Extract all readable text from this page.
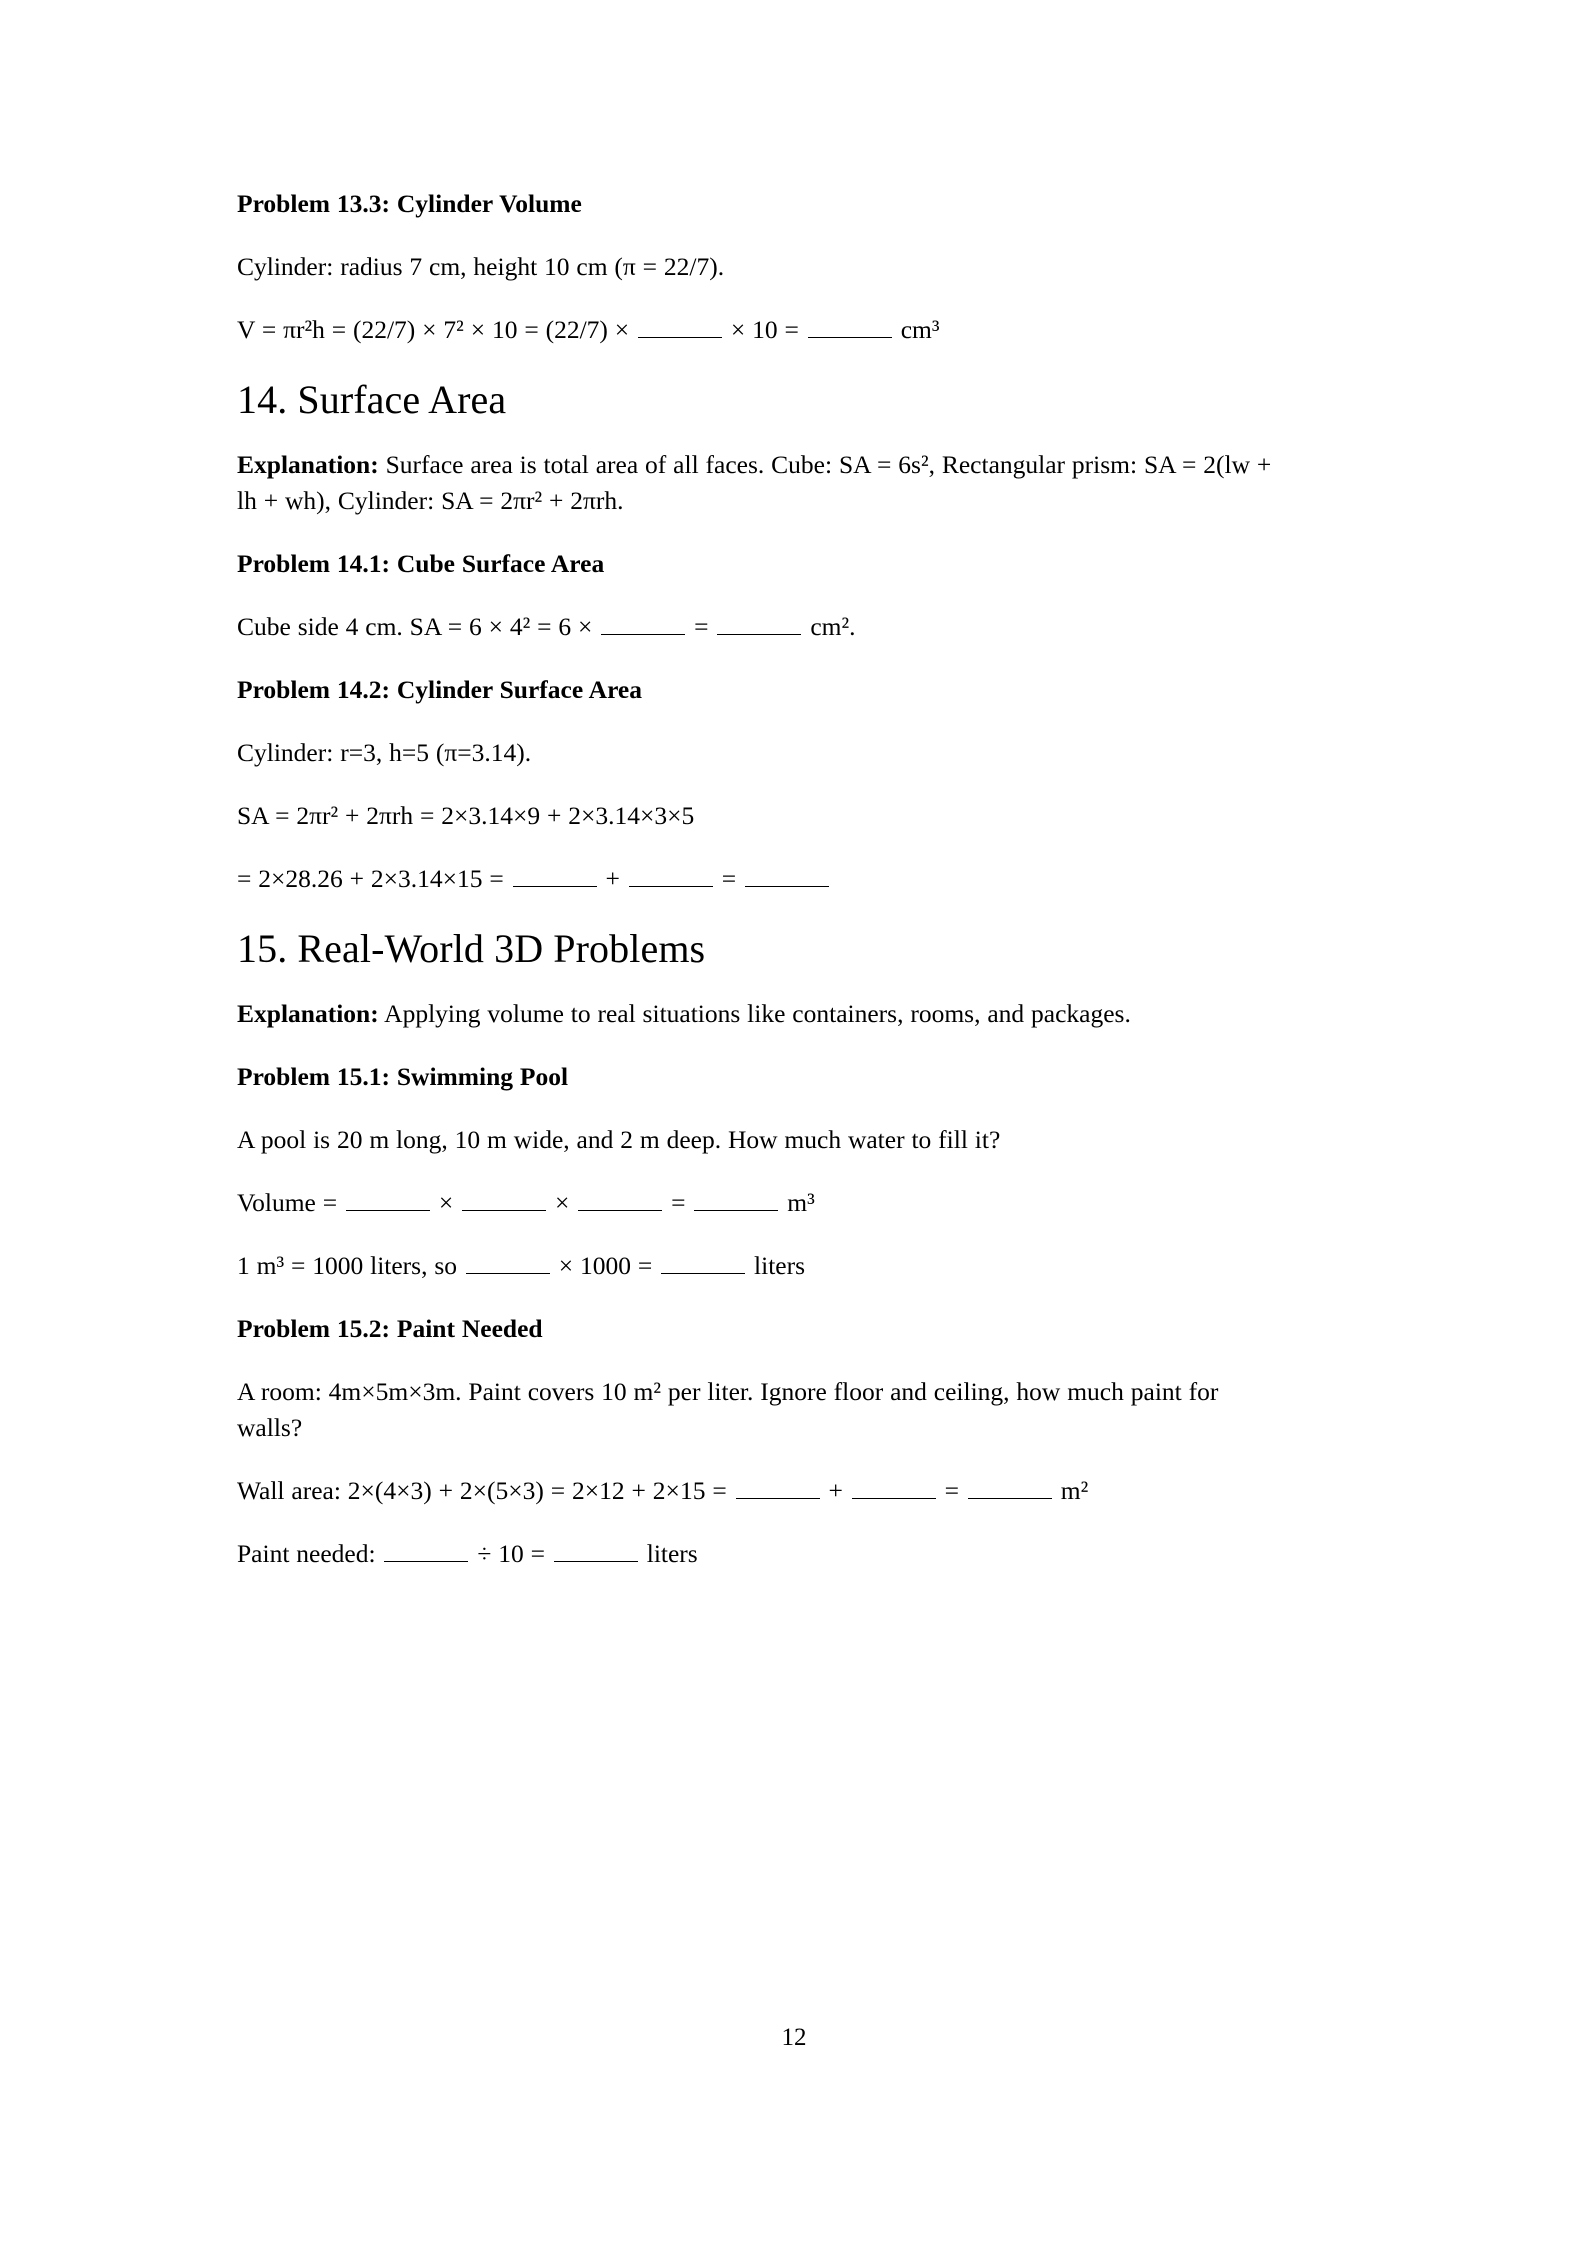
Problem 13.3: Cylinder Volume

Cylinder: radius 7 cm, height 10 cm (π = 22/7).

V = πr²h = (22/7) × 7² × 10 = (22/7) ×	× 10 =	cm³

14. Surface Area

Explanation: Surface area is total area of all faces. Cube: SA = 6s², Rectangular prism: SA = 2(lw + lh + wh), Cylinder: SA = 2πr² + 2πrh.

Problem 14.1: Cube Surface Area

Cube side 4 cm. SA = 6 × 4² = 6 ×	=	cm².

Problem 14.2: Cylinder Surface Area

Cylinder: r=3, h=5 (π=3.14).

SA = 2πr² + 2πrh = 2×3.14×9 + 2×3.14×3×5

= 2×28.26 + 2×3.14×15 =	+	=

15. Real-World 3D Problems

Explanation: Applying volume to real situations like containers, rooms, and packages.

Problem 15.1: Swimming Pool

A pool is 20 m long, 10 m wide, and 2 m deep. How much water to fill it?

Volume =	×	×	=	m³

1 m³ = 1000 liters, so	× 1000 =	liters

Problem 15.2: Paint Needed

A room: 4m×5m×3m. Paint covers 10 m² per liter. Ignore floor and ceiling, how much paint for walls?

Wall area: 2×(4×3) + 2×(5×3) = 2×12 + 2×15 =	+	=	m²

Paint needed:	÷ 10 =	liters

12
